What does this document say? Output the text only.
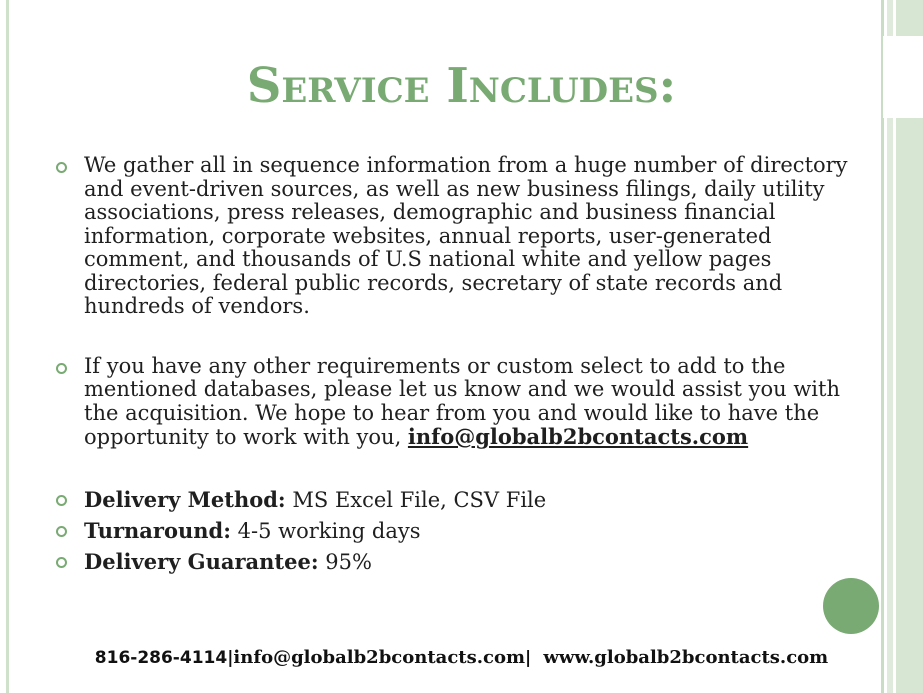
Service Includes:
We gather all in sequence information from a huge number of directory and event-driven sources, as well as new business filings, daily utility associations, press releases, demographic and business financial information, corporate websites, annual reports, user-generated comment, and thousands of U.S national white and yellow pages directories, federal public records, secretary of state records and hundreds of vendors.
If you have any other requirements or custom select to add to the mentioned databases, please let us know and we would assist you with the acquisition. We hope to hear from you and would like to have the opportunity to work with you, info@globalb2bcontacts.com
Delivery Method: MS Excel File, CSV File
Turnaround: 4-5 working days
Delivery Guarantee: 95%
816-286-4114|info@globalb2bcontacts.com| www.globalb2bcontacts.com
